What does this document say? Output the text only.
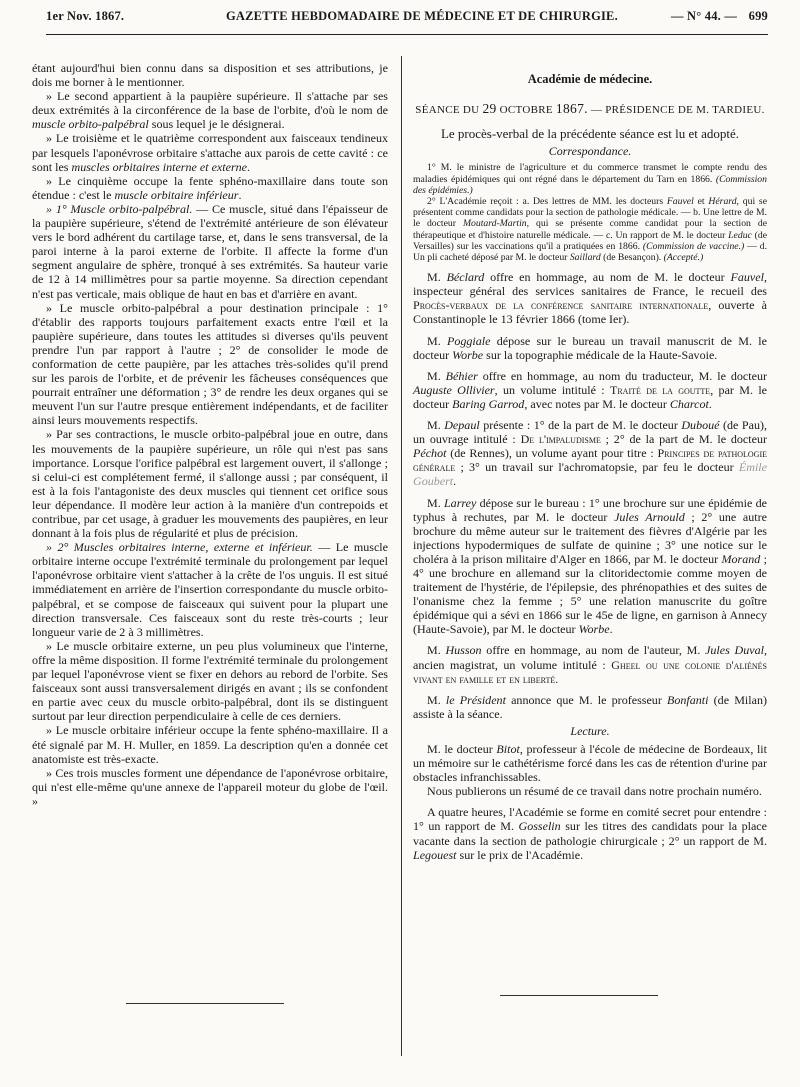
1er Nov. 1867.	GAZETTE HEBDOMADAIRE DE MÉDECINE ET DE CHIRURGIE.	— N° 44. — 699

étant aujourd'hui bien connu dans sa disposition et ses attributions, je dois me borner à le mentionner.

» Le second appartient à la paupière supérieure. Il s'attache par ses deux extrémités à la circonférence de la base de l'orbite, d'où le nom de muscle orbito-palpébral sous lequel je le désignerai.

» Le troisième et le quatrième correspondent aux faisceaux tendineux par lesquels l'aponévrose orbitaire s'attache aux parois de cette cavité : ce sont les muscles orbitaires interne et externe.

» Le cinquième occupe la fente sphéno-maxillaire dans toute son étendue : c'est le muscle orbitaire inférieur.

» 1° Muscle orbito-palpébral. — Ce muscle, situé dans l'épaisseur de la paupière supérieure, s'étend de l'extrémité antérieure de son élévateur vers le bord adhérent du cartilage tarse, et, dans le sens transversal, de la paroi interne à la paroi externe de l'orbite. Il affecte la forme d'un segment angulaire de sphère, tronqué à ses extrémités. Sa hauteur varie de 12 à 14 millimètres pour sa partie moyenne. Sa direction cependant n'est pas verticale, mais oblique de haut en bas et d'arrière en avant.

» Le muscle orbito-palpébral a pour destination principale : 1° d'établir des rapports toujours parfaitement exacts entre l'œil et la paupière supérieure, dans toutes les attitudes si diverses qu'ils peuvent prendre l'un par rapport à l'autre ; 2° de consolider le mode de conformation de cette paupière, par les attaches très-solides qu'il prend sur les parois de l'orbite, et de prévenir les fâcheuses conséquences que pourrait entraîner une déformation ; 3° de rendre les deux organes qui se meuvent l'un sur l'autre presque entièrement indépendants, et de faciliter ainsi leurs mouvements respectifs.

» Par ses contractions, le muscle orbito-palpébral joue en outre, dans les mouvements de la paupière supérieure, un rôle qui n'est pas sans importance. Lorsque l'orifice palpébral est largement ouvert, il s'allonge ; si celui-ci est complétement fermé, il s'allonge aussi ; par conséquent, il est à la fois l'antagoniste des deux muscles qui tiennent cet orifice sous leur dépendance. Il modère leur action à la manière d'un contrepoids et contribue, par cet usage, à graduer les mouvements des paupières, en leur donnant à la fois plus de régularité et plus de précision.

» 2° Muscles orbitaires interne, externe et inférieur. — Le muscle orbitaire interne occupe l'extrémité terminale du prolongement par lequel l'aponévrose orbitaire vient s'attacher à la crête de l'os unguis. Il est situé immédiatement en arrière de l'insertion correspondante du muscle orbito-palpébral, et se compose de faisceaux qui suivent pour la plupart une direction transversale. Ces faisceaux sont du reste très-courts ; leur longueur varie de 2 à 3 millimètres.

» Le muscle orbitaire externe, un peu plus volumineux que l'interne, offre la même disposition. Il forme l'extrémité terminale du prolongement par lequel l'aponévrose vient se fixer en dehors au rebord de l'orbite. Ses faisceaux sont aussi transversalement dirigés en avant ; ils se confondent en partie avec ceux du muscle orbito-palpébral, dont ils se distinguent surtout par leur direction perpendiculaire à celle de ces derniers.

» Le muscle orbitaire inférieur occupe la fente sphéno-maxillaire. Il a été signalé par M. H. Muller, en 1859. La description qu'en a donnée cet anatomiste est très-exacte.

» Ces trois muscles forment une dépendance de l'aponévrose orbitaire, qui n'est elle-même qu'une annexe de l'appareil moteur du globe de l'œil. »

Académie de médecine.
SÉANCE DU 29 OCTOBRE 1867. — PRÉSIDENCE DE M. TARDIEU.
Le procès-verbal de la précédente séance est lu et adopté.
Correspondance.

1° M. le ministre de l'agriculture et du commerce transmet le compte rendu des maladies épidémiques qui ont régné dans le département du Tarn en 1866. (Commission des épidémies.)

2° L'Académie reçoit : a. Des lettres de MM. les docteurs Fauvel et Hérard, qui se présentent comme candidats pour la section de pathologie médicale. — b. Une lettre de M. le docteur Moutard-Martin, qui se présente comme candidat pour la section de thérapeutique et d'histoire naturelle médicale. — c. Un rapport de M. le docteur Leduc (de Versailles) sur les vaccinations qu'il a pratiquées en 1866. (Commission de vaccine.) — d. Un pli cacheté déposé par M. le docteur Saillard (de Besançon). (Accepté.)

M. Béclard offre en hommage, au nom de M. le docteur Fauvel, inspecteur général des services sanitaires de France, le recueil des Procès-verbaux de la conférence sanitaire internationale, ouverte à Constantinople le 13 février 1866 (tome Ier).

M. Poggiale dépose sur le bureau un travail manuscrit de M. le docteur Worbe sur la topographie médicale de la Haute-Savoie.

M. Béhier offre en hommage, au nom du traducteur, M. le docteur Auguste Ollivier, un volume intitulé : Traité de la goutte, par M. le docteur Baring Garrod, avec notes par M. le docteur Charcot.

M. Depaul présente : 1° de la part de M. le docteur Duboué (de Pau), un ouvrage intitulé : De l'impaludisme ; 2° de la part de M. le docteur Péchot (de Rennes), un volume ayant pour titre : Principes de pathologie générale ; 3° un travail sur l'achromatopsie, par feu le docteur Émile Goubert.

M. Larrey dépose sur le bureau : 1° une brochure sur une épidémie de typhus à rechutes, par M. le docteur Jules Arnould ; 2° une autre brochure du même auteur sur le traitement des fièvres d'Algérie par les injections hypodermiques de sulfate de quinine ; 3° une notice sur le choléra à la prison militaire d'Alger en 1866, par M. le docteur Morand ; 4° une brochure en allemand sur la clitoridectomie comme moyen de traitement de l'hystérie, de l'épilepsie, des phrénopathies et des suites de l'onanisme chez la femme ; 5° une relation manuscrite du goître épidémique qui a sévi en 1866 sur le 45e de ligne, en garnison à Annecy (Haute-Savoie), par M. le docteur Worbe.

M. Husson offre en hommage, au nom de l'auteur, M. Jules Duval, ancien magistrat, un volume intitulé : Gheel ou une colonie d'aliénés vivant en famille et en liberté.

M. le Président annonce que M. le professeur Bonfanti (de Milan) assiste à la séance.

Lecture.

M. le docteur Bitot, professeur à l'école de médecine de Bordeaux, lit un mémoire sur le cathétérisme forcé dans les cas de rétention d'urine par obstacles infranchissables.

Nous publierons un résumé de ce travail dans notre prochain numéro.

A quatre heures, l'Académie se forme en comité secret pour entendre : 1° un rapport de M. Gosselin sur les titres des candidats pour la place vacante dans la section de pathologie chirurgicale ; 2° un rapport de M. Legouest sur le prix de l'Académie.
